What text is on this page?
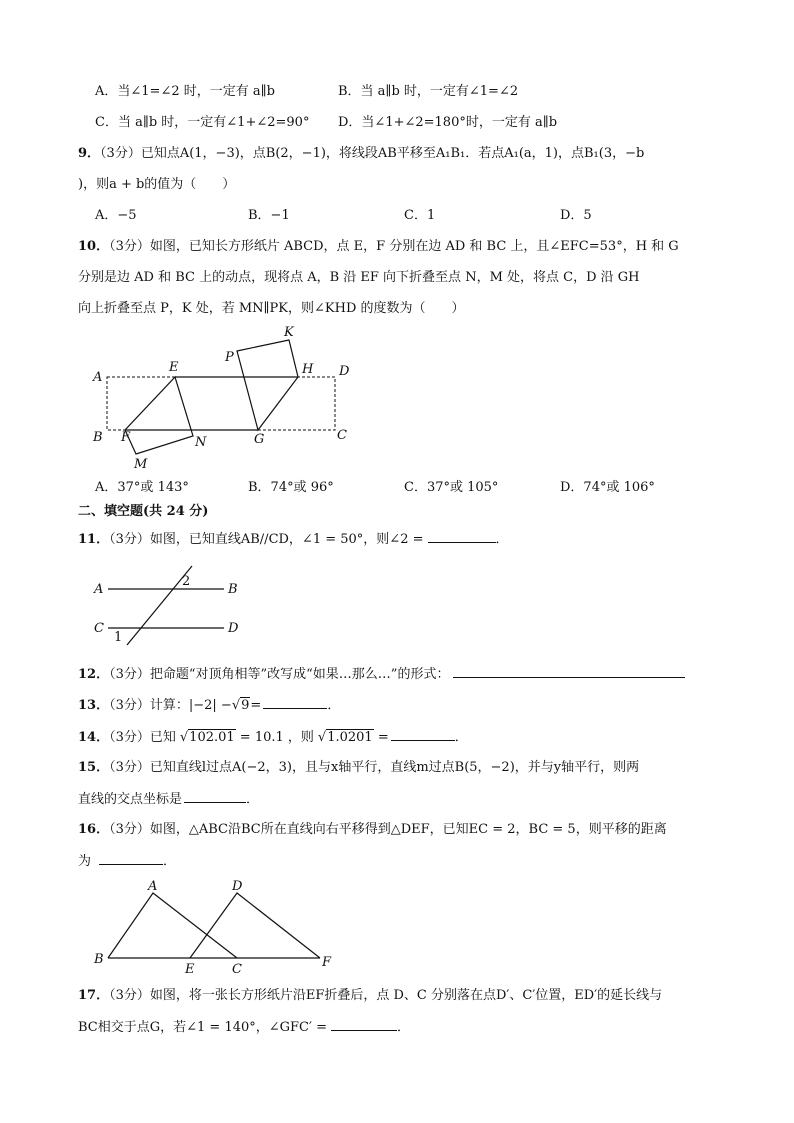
A．当∠1=∠2 时，一定有 a∥b	B．当 a∥b 时，一定有∠1=∠2
C．当 a∥b 时，一定有∠1+∠2=90° D．当∠1+∠2=180°时，一定有 a∥b
9．（3分）已知点A(1，−3)，点B(2，−1)，将线段AB平移至A₁B₁．若点A₁(a，1)，点B₁(3，−b
)，则a + b的值为（　　）
A．−5	B．−1	C．1	D．5
10．（3分）如图，已知长方形纸片 ABCD，点 E，F 分别在边 AD 和 BC 上，且∠EFC=53°，H 和 G
分别是边 AD 和 BC 上的动点，现将点 A，B 沿 EF 向下折叠至点 N，M 处，将点 C，D 沿 GH
向上折叠至点 P，K 处，若 MN∥PK，则∠KHD 的度数为（　　）
A
B	C
D
E
F	G
H
K
M
N
P
A．37°或 143°	B．74°或 96°	C．37°或 105°	D．74°或 106°
二、填空题(共 24 分)
11．（3分）如图，已知直线AB//CD，∠1 = 50°，则∠2 =	．
A	B
C	D
1
2
12．（3分）把命题“对顶角相等”改写成“如果…那么…”的形式：
13．（3分）计算：|−2| −√9=	．
14．（3分）已知 √102.01 = 10.1 ，则 √1.0201 =	．
15．（3分）已知直线l过点A(−2，3)，且与x轴平行，直线m过点B(5，−2)，并与y轴平行，则两
直线的交点坐标是	．
16．（3分）如图，△ABC沿BC所在直线向右平移得到△DEF，已知EC = 2，BC = 5，则平移的距离
为	．
A
B
C
D
E	F
17．（3分）如图，将一张长方形纸片沿EF折叠后，点 D、C 分别落在点D′、C′位置，ED′的延长线与
BC相交于点G，若∠1 = 140°，∠GFC′ =	．
